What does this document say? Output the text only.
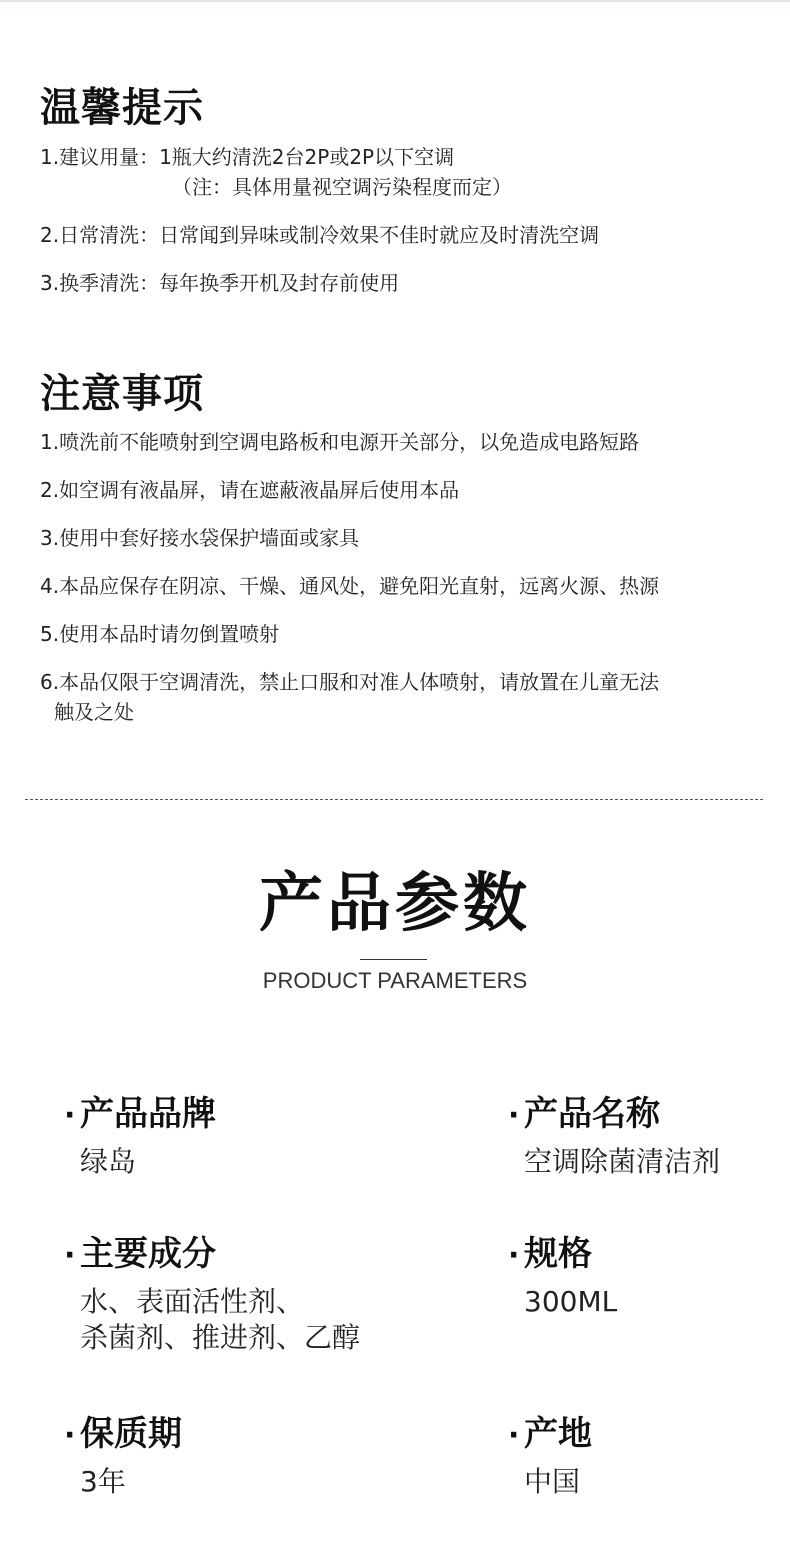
温馨提示
1.建议用量：1瓶大约清洗2台2P或2P以下空调
（注：具体用量视空调污染程度而定）
2.日常清洗：日常闻到异味或制冷效果不佳时就应及时清洗空调
3.换季清洗：每年换季开机及封存前使用
注意事项
1.喷洗前不能喷射到空调电路板和电源开关部分，以免造成电路短路
2.如空调有液晶屏，请在遮蔽液晶屏后使用本品
3.使用中套好接水袋保护墙面或家具
4.本品应保存在阴凉、干燥、通风处，避免阳光直射，远离火源、热源
5.使用本品时请勿倒置喷射
6.本品仅限于空调清洗，禁止口服和对准人体喷射，请放置在儿童无法
触及之处
产品参数
PRODUCT PARAMETERS
· 产品品牌
绿岛
· 产品名称
空调除菌清洁剂
· 主要成分
水、表面活性剂、
杀菌剂、推进剂、乙醇
· 规格
300ML
· 保质期
3年
· 产地
中国
